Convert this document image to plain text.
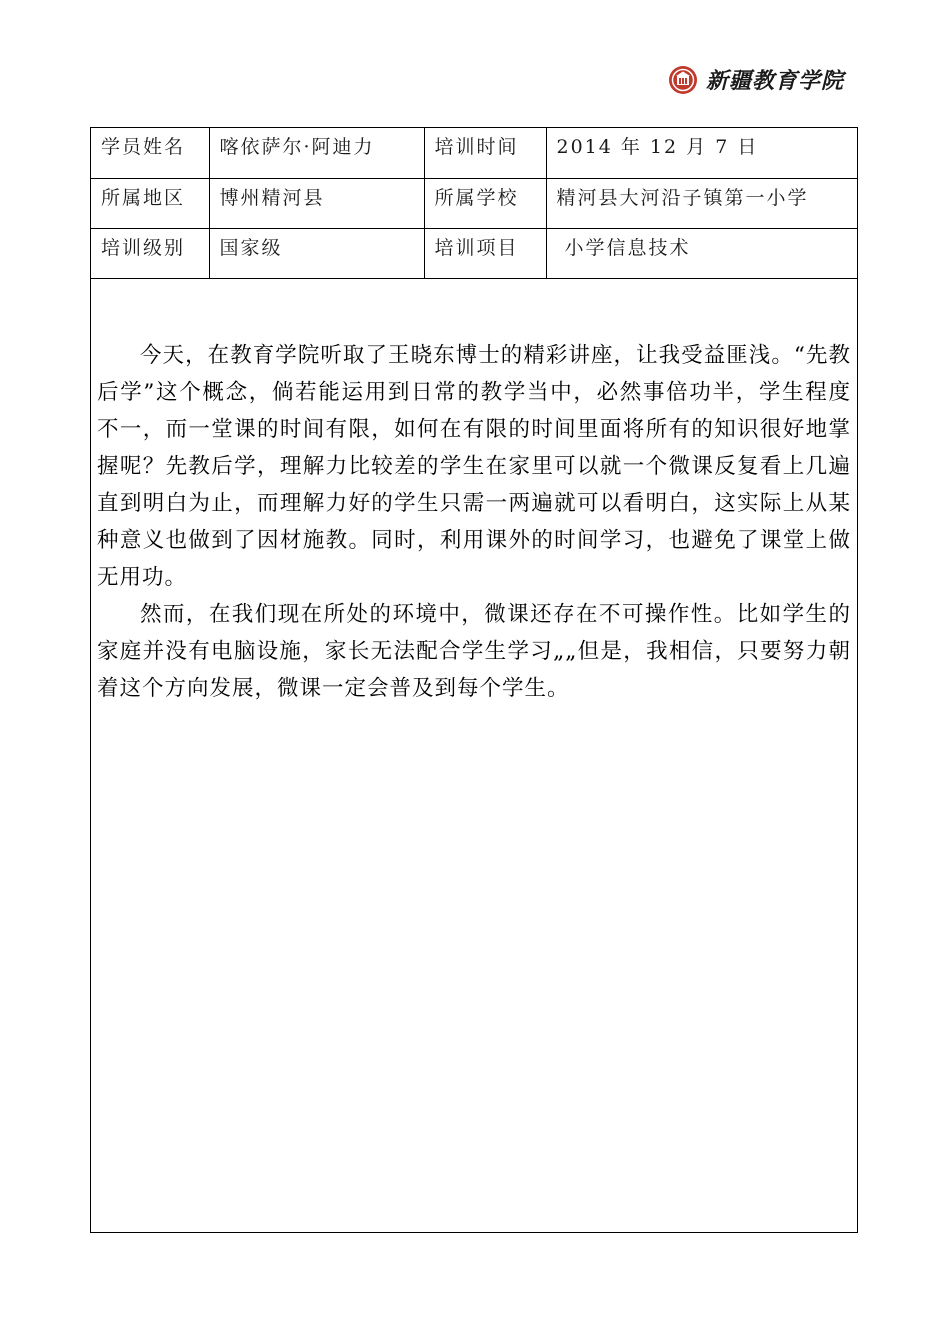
新疆教育学院
学员姓名	喀依萨尔·阿迪力	培训时间	2014 年 12 月 7 日
所属地区	博州精河县	所属学校	精河县大河沿子镇第一小学
培训级别	国家级	培训项目	小学信息技术

今天，在教育学院听取了王晓东博士的精彩讲座，让我受益匪浅。“先教后学”这个概念，倘若能运用到日常的教学当中，必然事倍功半，学生程度不一，而一堂课的时间有限，如何在有限的时间里面将所有的知识很好地掌握呢？先教后学，理解力比较差的学生在家里可以就一个微课反复看上几遍直到明白为止，而理解力好的学生只需一两遍就可以看明白，这实际上从某种意义也做到了因材施教。同时，利用课外的时间学习，也避免了课堂上做无用功。

然而，在我们现在所处的环境中，微课还存在不可操作性。比如学生的家庭并没有电脑设施，家长无法配合学生学习„„但是，我相信，只要努力朝着这个方向发展，微课一定会普及到每个学生。
